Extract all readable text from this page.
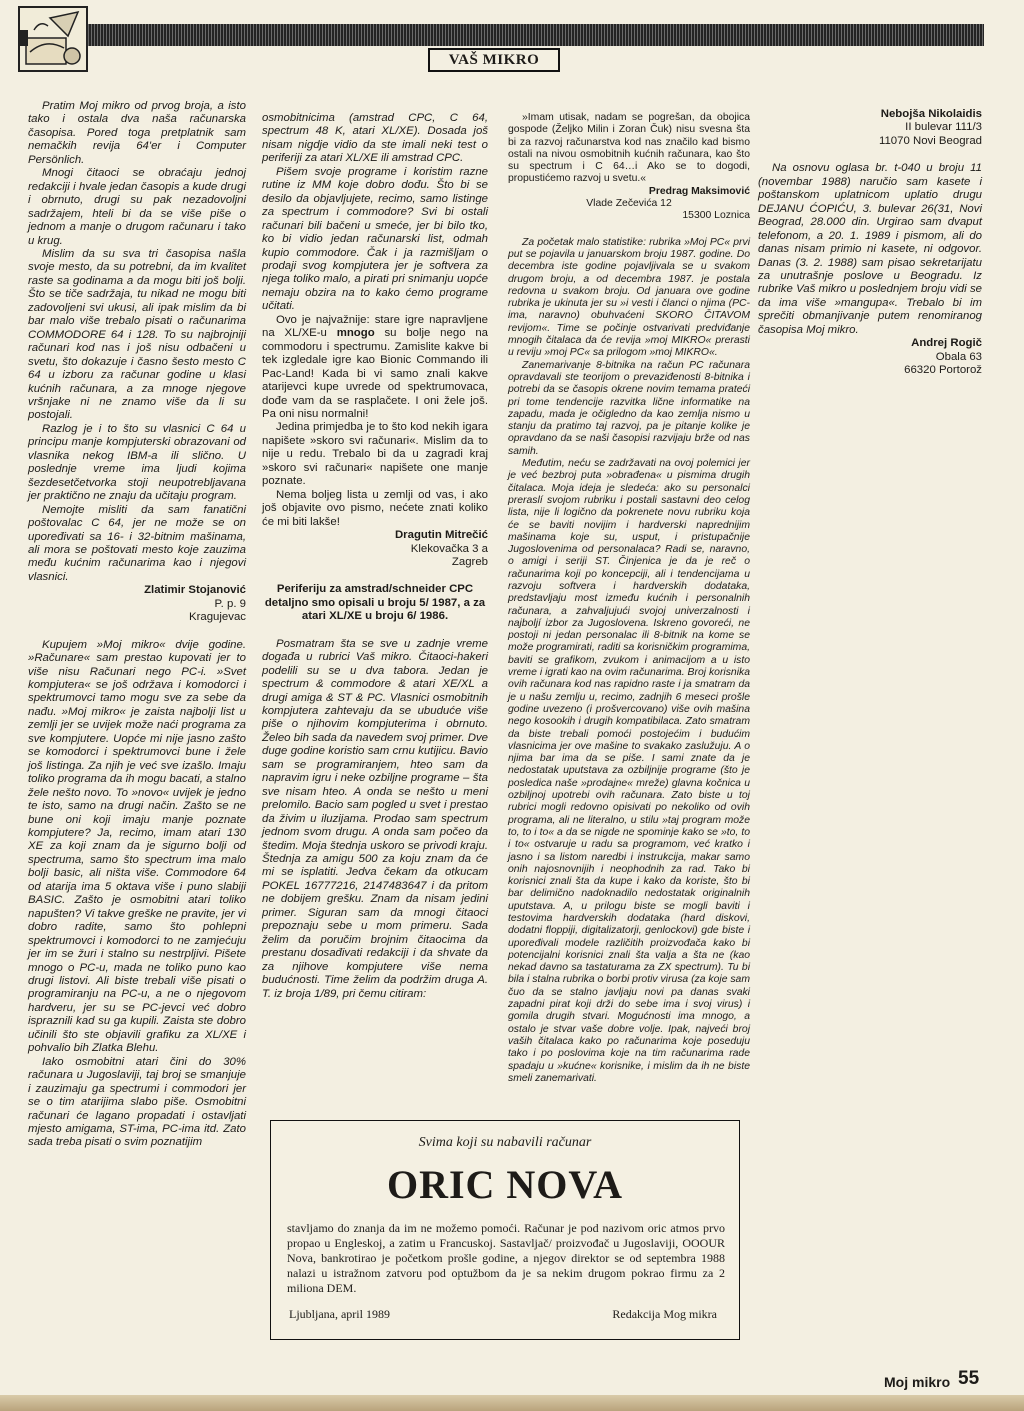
VAŠ MIKRO

Pratim Moj mikro od prvog broja, a isto tako i ostala dva naša računarska časopisa. Pored toga pretplatnik sam nemačkih revija 64'er i Computer Persönlich.

Mnogi čitaoci se obraćaju jednoj redakciji i hvale jedan časopis a kude drugi i obrnuto, drugi su pak nezadovoljni sadržajem, hteli bi da se više piše o jednom a manje o drugom računaru i tako u krug.

Mislim da su sva tri časopisa našla svoje mesto, da su potrebni, da im kvalitet raste sa godinama a da mogu biti još bolji. Što se tiče sadržaja, tu nikad ne mogu biti zadovoljeni svi ukusi, ali ipak mislim da bi bar malo više trebalo pisati o računarima COMMODORE 64 i 128. To su najbrojniji računari kod nas i još nisu odbačeni u svetu, što dokazuje i časno šesto mesto C 64 u izboru za računar godine u klasi kućnih računara, a za mnoge njegove vršnjake ni ne znamo više da li su postojali.

Razlog je i to što su vlasnici C 64 u principu manje kompjuterski obrazovani od vlasnika nekog IBM-a ili slično. U poslednje vreme ima ljudi kojima šezdesetčetvorka stoji neupotrebljavana jer praktično ne znaju da učitaju program.

Nemojte misliti da sam fanatični poštovalac C 64, jer ne može se on upoređivati sa 16- i 32-bitnim mašinama, ali mora se poštovati mesto koje zauzima među kućnim računarima kao i njegovi vlasnici.

Zlatimir Stojanović
P. p. 9
Kragujevac

Kupujem »Moj mikro« dvije godine. »Računare« sam prestao kupovati jer to više nisu Računari nego PC-i. »Svet kompjutera« se još održava i komodorci i spektrumovci tamo mogu sve za sebe da nađu. »Moj mikro« je zaista najbolji list u zemlji jer se uvijek može naći programa za sve kompjutere. Uopće mi nije jasno zašto se komodorci i spektrumovci bune i žele još listinga. Za njih je već sve izašlo. Imaju toliko programa da ih mogu bacati, a stalno žele nešto novo. To »novo« uvijek je jedno te isto, samo na drugi način. Zašto se ne bune oni koji imaju manje poznate kompjutere? Ja, recimo, imam atari 130 XE za koji znam da je sigurno bolji od spectruma, samo što spectrum ima malo bolji basic, ali ništa više. Commodore 64 od atarija ima 5 oktava više i puno slabiji BASIC. Zašto je osmobitni atari toliko napušten? Vi takve greške ne pravite, jer vi dobro radite, samo što pohlepni spektrumovci i komodorci to ne zamjećuju jer im se žuri i stalno su nestrpljivi. Pišete mnogo o PC-u, mada ne toliko puno kao drugi listovi. Ali biste trebali više pisati o programiranju na PC-u, a ne o njegovom hardveru, jer su se PC-jevci već dobro ispraznili kad su ga kupili. Zaista ste dobro učinili što ste objavili grafiku za XL/XE i pohvalio bih Zlatka Blehu.

Iako osmobitni atari čini do 30% računara u Jugoslaviji, taj broj se smanjuje i zauzimaju ga spectrumi i commodori jer se o tim atarijima slabo piše. Osmobitni računari će lagano propadati i ostavljati mjesto amigama, ST-ima, PC-ima itd. Zato sada treba pisati o svim poznatijim

osmobitnicima (amstrad CPC, C 64, spectrum 48 K, atari XL/XE). Dosada još nisam nigdje vidio da ste imali neki test o periferiji za atari XL/XE ili amstrad CPC.

Pišem svoje programe i koristim razne rutine iz MM koje dobro dođu. Što bi se desilo da objavljujete, recimo, samo listinge za spectrum i commodore? Svi bi ostali računari bili bačeni u smeće, jer bi bilo tko, ko bi vidio jedan računarski list, odmah kupio commodore. Čak i ja razmišljam o prodaji svog kompjutera jer je softvera za njega toliko malo, a pirati pri snimanju uopće nemaju obzira na to kako ćemo programe učitati.

Ovo je najvažnije: stare igre napravljene na XL/XE-u mnogo su bolje nego na commodoru i spectrumu. Zamislite kakve bi tek izgledale igre kao Bionic Commando ili Pac-Land! Kada bi vi samo znali kakve atarijevci kupe uvrede od spektrumovaca, dođe vam da se rasplačete. I oni žele još. Pa oni nisu normalni!

Jedina primjedba je to što kod nekih igara napišete »skoro svi računari«. Mislim da to nije u redu. Trebalo bi da u zagradi kraj »skoro svi računari« napišete one manje poznate.

Nema boljeg lista u zemlji od vas, i ako još objavite ovo pismo, nećete znati koliko će mi biti lakše!

Dragutin Mitrečić
Klekovačka 3 a
Zagreb
Periferiju za amstrad/schneider CPC detaljno smo opisali u broju 5/ 1987, a za atari XL/XE u broju 6/ 1986.

Posmatram šta se sve u zadnje vreme događa u rubrici Vaš mikro. Čitaoci-hakeri podelili su se u dva tabora. Jedan je spectrum & commodore & atari XE/XL a drugi amiga & ST & PC. Vlasnici osmobitnih kompjutera zahtevaju da se ubuduće više piše o njihovim kompjuterima i obrnuto. Želeo bih sada da navedem svoj primer. Dve duge godine koristio sam crnu kutijicu. Bavio sam se programiranjem, hteo sam da napravim igru i neke ozbiljne programe – šta sve nisam hteo. A onda se nešto u meni prelomilo. Bacio sam pogled u svet i prestao da živim u iluzijama. Prodao sam spectrum jednom svom drugu. A onda sam počeo da štedim. Moja štednja uskoro se privodi kraju. Štednja za amigu 500 za koju znam da će mi se isplatiti. Jedva čekam da otkucam POKEL 16777216, 2147483647 i da pritom ne dobijem grešku. Znam da nisam jedini primer. Siguran sam da mnogi čitaoci prepoznaju sebe u mom primeru. Sada želim da poručim brojnim čitaocima da prestanu dosađivati redakciji i da shvate da za njihove kompjutere više nema budućnosti. Time želim da podržim druga A. T. iz broja 1/89, pri čemu citiram:

»Imam utisak, nadam se pogrešan, da obojica gospode (Željko Milin i Zoran Čuk) nisu svesna šta bi za razvoj računarstva kod nas značilo kad bismo ostali na nivou osmobitnih kućnih računara, kao što su spectrum i C 64…i Ako se to dogodi, propustićemo razvoj u svetu.«

Predrag Maksimović
Vlade Zečevića 12
15300 Loznica

Za početak malo statistike: rubrika »Moj PC« prvi put se pojavila u januarskom broju 1987. godine. Do decembra iste godine pojavljivala se u svakom drugom broju, a od decembra 1987. je postala redovna u svakom broju. Od januara ove godine rubrika je ukinuta jer su »i vesti i članci o njima (PC-ima, naravno) obuhvaćeni SKORO ČITAVOM revijom«. Time se počinje ostvarivati predviđanje mnogih čitalaca da će revija »moj MIKRO« prerasti u reviju »moj PC« sa prilogom »moj MIKRO«.

Zanemarivanje 8-bitnika na račun PC računara opravdavali ste teorijom o prevaziđenosti 8-bitnika i potrebi da se časopis okrene novim temama prateći pri tome tendencije razvitka lične informatike na zapadu, mada je očigledno da kao zemlja nismo u stanju da pratimo taj razvoj, pa je pitanje kolike je opravdano da se naši časopisi razvijaju brže od nas samih.

Međutim, neću se zadržavati na ovoj polemici jer je već bezbroj puta »obrađena« u pismima drugih čitalaca. Moja ideja je sledeća: ako su personalci preraslí svojom rubriku i postali sastavni deo celog lista, nije li logično da pokrenete novu rubriku koja će se baviti novijim i hardverski naprednijim mašinama koje su, usput, i pristupačnije Jugoslovenima od personalaca? Radi se, naravno, o amigi i seriji ST. Činjenica je da je reč o računarima koji po koncepciji, ali i tendencijama u razvoju softvera i hardverskih dodataka, predstavljaju most između kućnih i personalnih računara, a zahvaljujući svojoj univerzalnosti i najboljí izbor za Jugoslovena. Iskreno govoreći, ne postoji ni jedan personalac ili 8-bitnik na kome se može programirati, raditi sa korisničkim programima, baviti se grafikom, zvukom i animacijom a u isto vreme i igrati kao na ovim računarima. Broj korisnika ovih računara kod nas rapidno raste i ja smatram da je u našu zemlju u, recimo, zadnjih 6 meseci prošle godine uvezeno (i prošvercovano) više ovih mašina nego kosookih i drugih kompatibilaca. Zato smatram da biste trebali pomoći postojećim i budućim vlasnicima jer ove mašine to svakako zaslužuju. A o njima bar ima da se piše. I sami znate da je nedostatak uputstava za ozbiljnije programe (što je posledica naše »prodajne« mreže) glavna kočnica u ozbiljnoj upotrebi ovih računara. Zato biste u toj rubrici mogli redovno opisivati po nekoliko od ovih programa, ali ne literalno, u stilu »taj program može to, to i to« a da se nigde ne spominje kako se »to, to i to« ostvaruje u radu sa programom, već kratko i jasno i sa listom naredbi i instrukcija, makar samo onih najosnovnijih i neophodnih za rad. Tako bi korisnici znali šta da kupe i kako da koriste, što bi bar delimično nadoknadilo nedostatak originalnih uputstava. A, u prilogu biste se mogli baviti i testovima hardverskih dodataka (hard diskovi, dodatni floppiji, digitalizatorji, genlockovi) gde biste i upoređivali modele različitih proizvođača kako bi potencijalni korisnici znali šta valja a šta ne (kao nekad davno sa tastaturama za ZX spectrum). Tu bi bila i stalna rubrika o borbi protiv virusa (za koje sam čuo da se stalno javljaju novi pa danas svaki zapadni pirat koji drži do sebe ima i svoj virus) i gomila drugih stvari. Mogućnosti ima mnogo, a ostalo je stvar vaše dobre volje. Ipak, najveći broj vaših čitalaca kako po računarima koje poseduju tako i po poslovima koje na tim računarima rade spadaju u »kućne« korisnike, i mislim da ih ne biste smeli zanemarivati.

Nebojša Nikolaidis
II bulevar 111/3
11070 Novi Beograd

Na osnovu oglasa br. t-040 u broju 11 (novembar 1988) naručio sam kasete i poštanskom uplatnicom uplatio drugu DEJANU ĆOPIĆU, 3. bulevar 26(31, Novi Beograd, 28.000 din. Urgirao sam dvaput telefonom, a 20. 1. 1989 i pismom, ali do danas nisam primio ni kasete, ni odgovor. Danas (3. 2. 1988) sam pisao sekretarijatu za unutrašnje poslove u Beogradu. Iz rubrike Vaš mikro u poslednjem broju vidi se da ima više »mangupa«. Trebalo bi im sprečiti obmanjivanje putem renomiranog časopisa Moj mikro.

Andrej Rogič
Obala 63
66320 Portorož
Svima koji su nabavili računar
ORIC NOVA
stavljamo do znanja da im ne možemo pomoći. Računar je pod nazivom oric atmos prvo propao u Engleskoj, a zatim u Francuskoj. Sastavljač/ proizvođač u Jugoslaviji, OOOUR Nova, bankrotirao je početkom prošle godine, a njegov direktor se od septembra 1988 nalazi u istražnom zatvoru pod optužbom da je sa nekim drugom pokrao firmu za 2 miliona DEM.
Ljubljana, april 1989	Redakcija Mog mikra
Moj mikro 55
